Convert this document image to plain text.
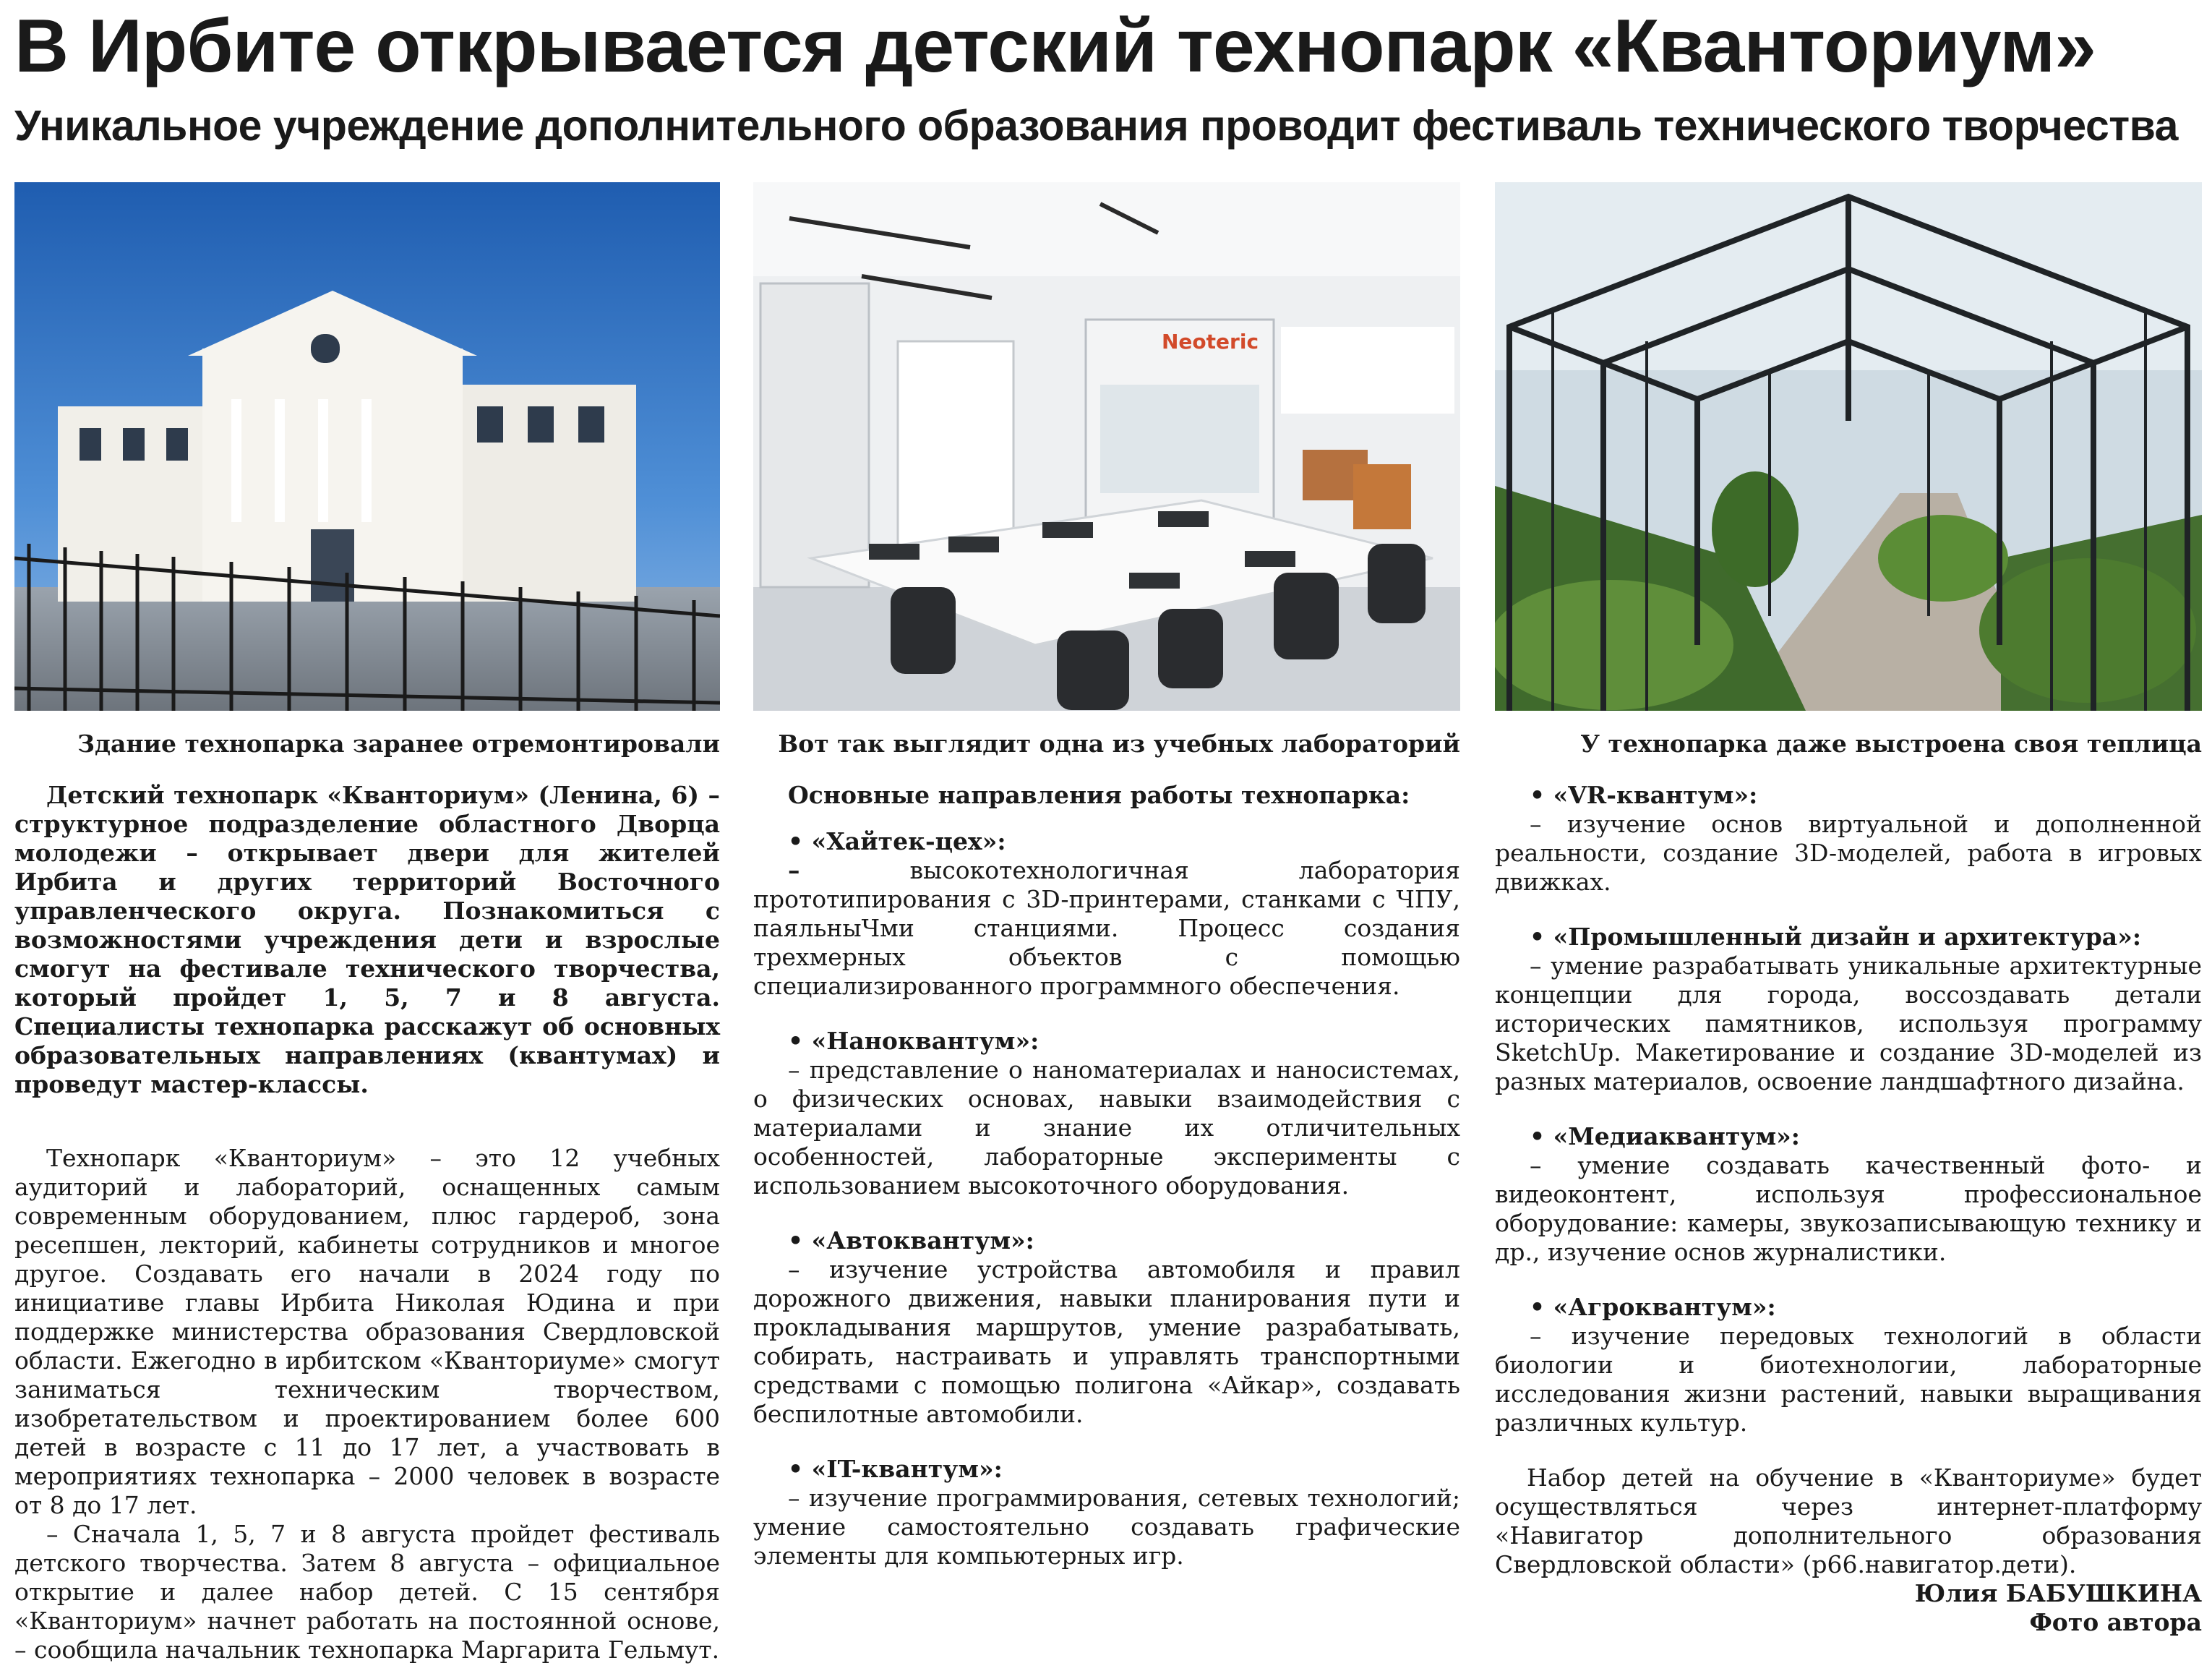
В Ирбите открывается детский технопарк «Кванториум»
Уникальное учреждение дополнительного образования проводит фестиваль технического творчества
Neoteric

Здание технопарка заранее отремонтировали	Вот так выглядит одна из учебных лабораторий	У технопарка даже выстроена своя теплица

Детский технопарк «Кванториум» (Ленина, 6) – структурное подразделение областного Дворца молодежи – открывает двери для жителей Ирбита и других территорий Восточного управленческого округа. Познакомиться с возможностями учреждения дети и взрослые смогут на фестивале технического творчества, который пройдет 1, 5, 7 и 8 августа. Специалисты технопарка расскажут об основных образовательных направлениях (квантумах) и проведут мастер-классы.

Технопарк «Кванториум» – это 12 учебных аудиторий и лабораторий, оснащенных самым современным оборудованием, плюс гардероб, зона ресепшен, лекторий, кабинеты сотрудников и многое другое. Создавать его начали в 2024 году по инициативе главы Ирбита Николая Юдина и при поддержке министерства образования Свердловской области. Ежегодно в ирбитском «Кванториуме» смогут заниматься техническим творчеством, изобретательством и проектированием более 600 детей в возрасте с 11 до 17 лет, а участвовать в мероприятиях технопарка – 2000 человек в возрасте от 8 до 17 лет.

– Сначала 1, 5, 7 и 8 августа пройдет фестиваль детского творчества. Затем 8 августа – официальное открытие и далее набор детей. С 15 сентября «Кванториум» начнет работать на постоянной основе, – сообщила начальник технопарка Маргарита Гельмут.

Основные направления работы технопарка:

• «Хайтек-цех»:

–	высокотехнологичная лаборатория прототипирования с 3D-принтерами, станками с ЧПУ, паяльныЧми станциями. Процесс создания трехмерных объектов с помощью специализированного программного обеспечения.

• «Наноквантум»:

– представление о наноматериалах и наносистемах, о физических основах, навыки взаимодействия с материалами и знание их отличительных особенностей, лабораторные эксперименты с использованием высокоточного оборудования.

• «Автоквантум»:

– изучение устройства автомобиля и правил дорожного движения, навыки планирования пути и прокладывания маршрутов, умение разрабатывать, собирать, настраивать и управлять транспортными средствами с помощью полигона «Айкар», создавать беспилотные автомобили.

• «IT-квантум»:

– изучение программирования, сетевых технологий; умение самостоятельно создавать графические элементы для компьютерных игр.

• «VR-квантум»:

– изучение основ виртуальной и дополненной реальности, создание 3D-моделей, работа в игровых движках.

• «Промышленный дизайн и архитектура»:

– умение разрабатывать уникальные архитектурные концепции для города, воссоздавать детали исторических памятников, используя программу SketchUp. Макетирование и создание 3D-моделей из разных материалов, освоение ландшафтного дизайна.

• «Медиаквантум»:

– умение создавать качественный фото- и видеоконтент, используя профессиональное оборудование: камеры, звукозаписывающую технику и др., изучение основ журналистики.

• «Агроквантум»:

– изучение передовых технологий в области биологии и биотехнологии, лабораторные исследования жизни растений, навыки выращивания различных культур.

Набор детей на обучение в «Кванториуме» будет осуществляться через интернет-платформу «Навигатор дополнительного образования Свердловской области» (р66.навигатор.дети).

Юлия БАБУШКИНА

Фото автора
